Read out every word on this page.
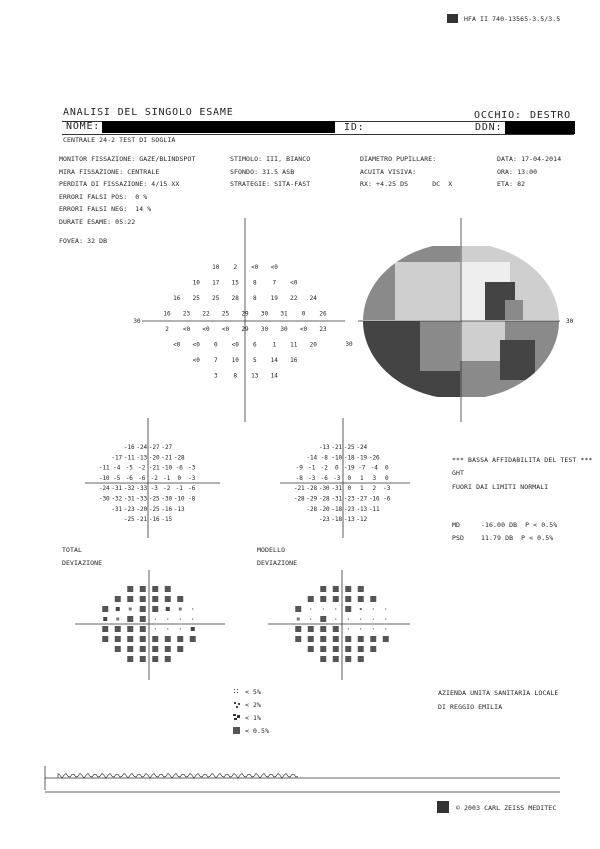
HFA II 740-13565-3.5/3.5
ANALISI DEL SINGOLO ESAME	OCCHIO: DESTRO
NOME:	ID:	DDN:
CENTRALE 24-2 TEST DI SOGLIA
MONITOR FISSAZIONE: GAZE/BLINDSPOT
MIRA FISSAZIONE: CENTRALE
PERDITA DI FISSAZIONE: 4/15 XX
ERRORI FALSI POS:  0 %
ERRORI FALSI NEG:  14 %
DURATE ESAME: 05:22
STIMOLO: III, BIANCO
SFONDO: 31.5 ASB
STRATEGIE: SITA-FAST
DIAMETRO PUPILLARE:
ACUITA VISIVA:
RX: +4.25 DS      DC  X
DATA: 17-04-2014
ORA: 13:00
ETA: 82
FOVEA: 32 DB
10 2 <0 <0
10 17 15 8	7 <0
16 25 25 28 8 19 22 24
16 23 22 25 29 30 31 0 26
2 <0 <0 <0 29 30 30 <0 23
<0 <0 0 <0 6	1 11 20
<0 7 10 5 14 16
3	8 13 14
30
30
30
-16 -24 -27 -27
-17 -11 -13 -20 -21 -28
-11 -4 -5 -2 -21 -10 -6 -3
-10 -5 -6 -6 -2 -1 0 -3
-24 -31 -32 -33 -3 -2 -1 -6
-30 -32 -31 -33 -25 -30 -10 -8
-31 -23 -20 -25 -16 -13
-25 -21 -16 -15
-13 -21 -25 -24
-14 -8 -10 -18 -19 -26
-9 -1 -2 0 -19 -7 -4 0
-8 -3 -6 -3 0 1 3 0
-21 -28 -30 -31 0 1 2 -3
-28 -29 -28 -31 -23 -27 -16 -6
-28 -20 -18 -23 -13 -11
-23 -18 -13 -12
TOTAL
DEVIAZIONE
MODELLO
DEVIAZIONE
*** BASSA AFFIDABILITA DEL TEST ***
GHT
FUORI DAI LIMITI NORMALI
MD	-16.00 DB  P < 0.5%
PSD	11.79 DB  P < 0.5%
< 5%
< 2%
< 1%
< 0.5%
AZIENDA UNITA SANITARIA LOCALE
DI REGGIO EMILIA
© 2003 CARL ZEISS MEDITEC
